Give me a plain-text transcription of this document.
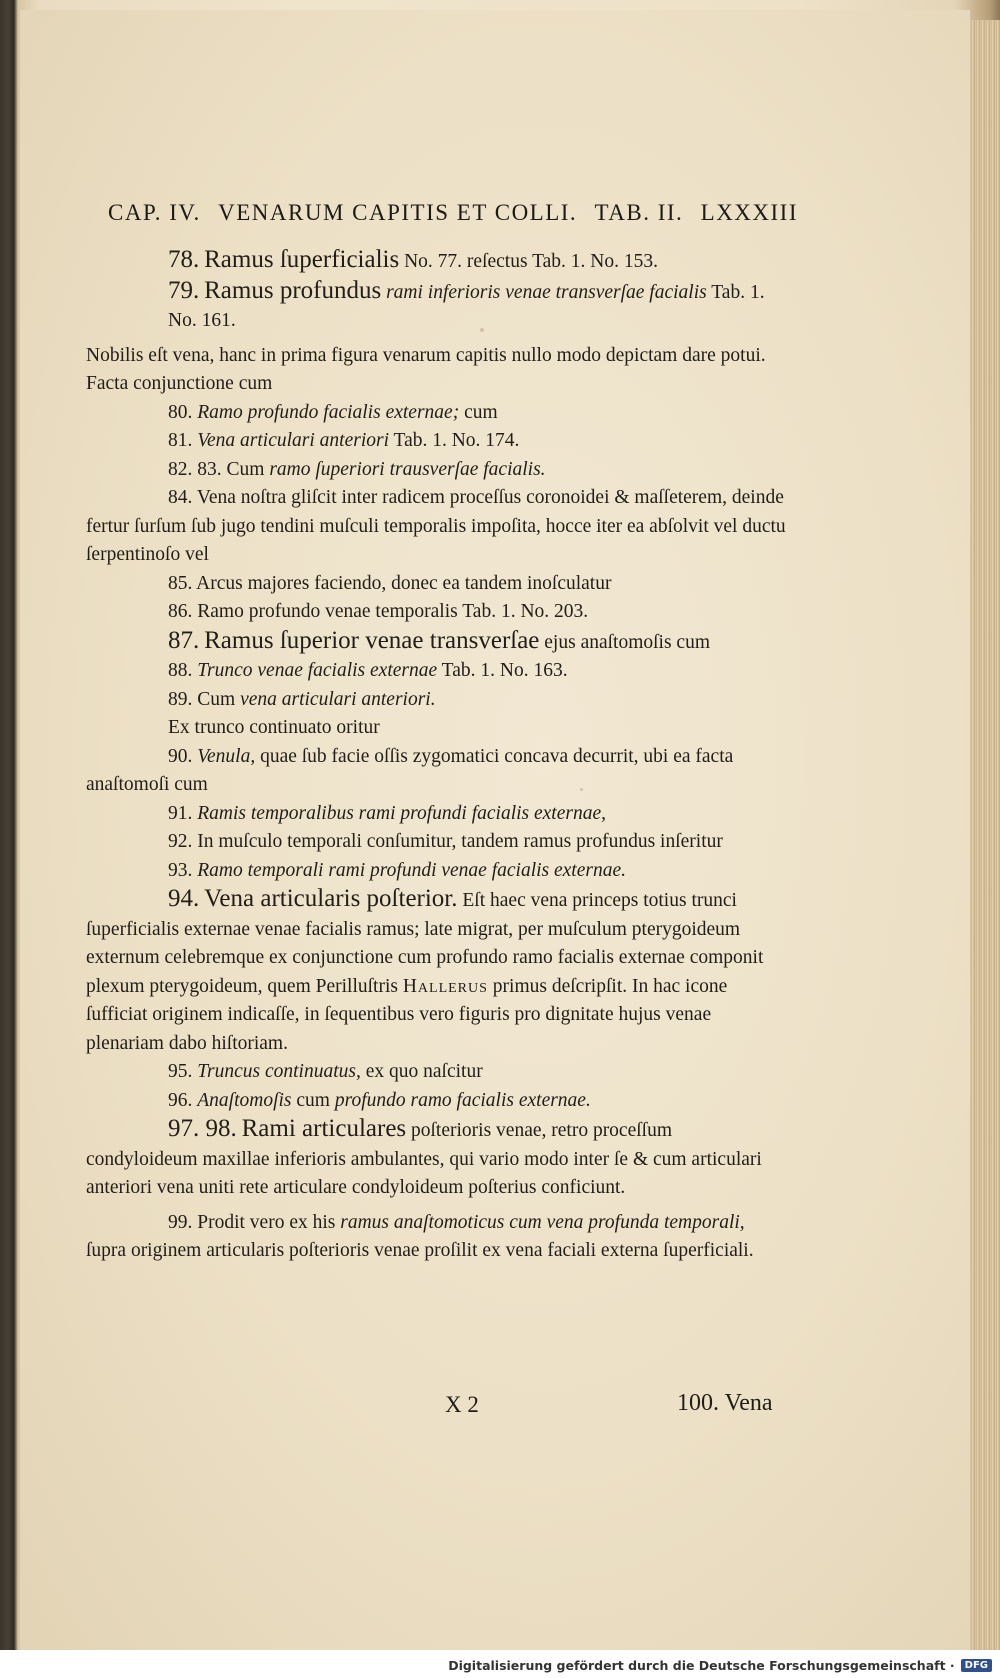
CAP. IV. VENARUM CAPITIS ET COLLI. TAB. II. LXXXIII

78. Ramus ſuperficialis No. 77. reſectus Tab. 1. No. 153.

79. Ramus profundus rami inferioris venae transverſae facialis Tab. 1. No. 161.

Nobilis eſt vena, hanc in prima figura venarum capitis nullo modo depictam dare potui. Facta conjunctione cum

80. Ramo profundo facialis externae; cum

81. Vena articulari anteriori Tab. 1. No. 174.

82. 83. Cum ramo ſuperiori trausverſae facialis.

84. Vena noſtra gliſcit inter radicem proceſſus coronoidei & maſſeterem, deinde fertur ſurſum ſub jugo tendini muſculi temporalis impoſita, hocce iter ea abſolvit vel ductu ſerpentinoſo vel

85. Arcus majores faciendo, donec ea tandem inoſculatur

86. Ramo profundo venae temporalis Tab. 1. No. 203.

87. Ramus ſuperior venae transverſae ejus anaſtomoſis cum

88. Trunco venae facialis externae Tab. 1. No. 163.

89. Cum vena articulari anteriori.

Ex trunco continuato oritur

90. Venula, quae ſub facie oſſis zygomatici concava decurrit, ubi ea facta anaſtomoſi cum

91. Ramis temporalibus rami profundi facialis externae,

92. In muſculo temporali conſumitur, tandem ramus profundus inſeritur

93. Ramo temporali rami profundi venae facialis externae.

94. Vena articularis poſterior. Eſt haec vena princeps totius trunci ſuperficialis externae venae facialis ramus; late migrat, per muſculum pterygoideum externum celebremque ex conjunctione cum profundo ramo facialis externae componit plexum pterygoideum, quem Perilluſtris Hallerus primus deſcripſit. In hac icone ſufficiat originem indicaſſe, in ſequentibus vero figuris pro dignitate hujus venae plenariam dabo hiſtoriam.

95. Truncus continuatus, ex quo naſcitur

96. Anaſtomoſis cum profundo ramo facialis externae.

97. 98. Rami articulares poſterioris venae, retro proceſſum condyloideum maxillae inferioris ambulantes, qui vario modo inter ſe & cum articulari anteriori vena uniti rete articulare condyloideum poſterius conficiunt.

99. Prodit vero ex his ramus anaſtomoticus cum vena profunda temporali, ſupra originem articularis poſterioris venae proſilit ex vena faciali externa ſuperficiali.

X 2	100. Vena
Digitalisierung gefördert durch die Deutsche Forschungsgemeinschaft ·	DFG
